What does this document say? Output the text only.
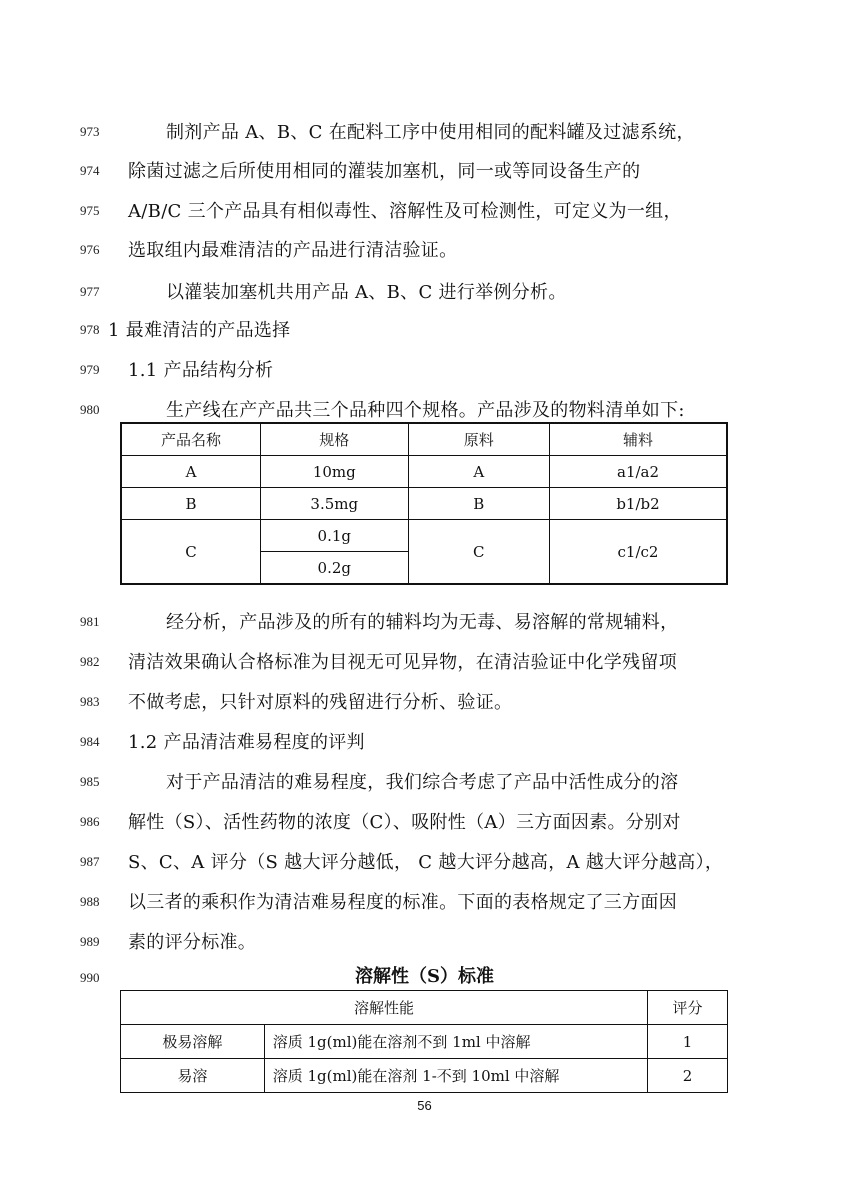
973	制剂产品 A、B、C 在配料工序中使用相同的配料罐及过滤系统，
974 除菌过滤之后所使用相同的灌装加塞机，同一或等同设备生产的
975 A/B/C 三个产品具有相似毒性、溶解性及可检测性，可定义为一组，
976 选取组内最难清洁的产品进行清洁验证。
977	以灌装加塞机共用产品 A、B、C 进行举例分析。
978 1 最难清洁的产品选择
979 1.1 产品结构分析
980	生产线在产产品共三个品种四个规格。产品涉及的物料清单如下:
产品名称	规格	原料	辅料
A	10mg	A	a1/a2
B	3.5mg	B	b1/b2
C	0.1g	C	c1/c2
	0.2g		
981	经分析，产品涉及的所有的辅料均为无毒、易溶解的常规辅料，
982 清洁效果确认合格标准为目视无可见异物，在清洁验证中化学残留项
983 不做考虑，只针对原料的残留进行分析、验证。
984 1.2 产品清洁难易程度的评判
985	对于产品清洁的难易程度，我们综合考虑了产品中活性成分的溶
986 解性（S）、活性药物的浓度（C）、吸附性（A）三方面因素。分别对
987 S、C、A 评分（S 越大评分越低， C 越大评分越高，A 越大评分越高），
988 以三者的乘积作为清洁难易程度的标准。下面的表格规定了三方面因
989 素的评分标准。
990	溶解性（S）标准
溶解性能		评分
极易溶解	溶质 1g(ml)能在溶剂不到 1ml 中溶解	1
易溶	溶质 1g(ml)能在溶剂 1-不到 10ml 中溶解	2
56
